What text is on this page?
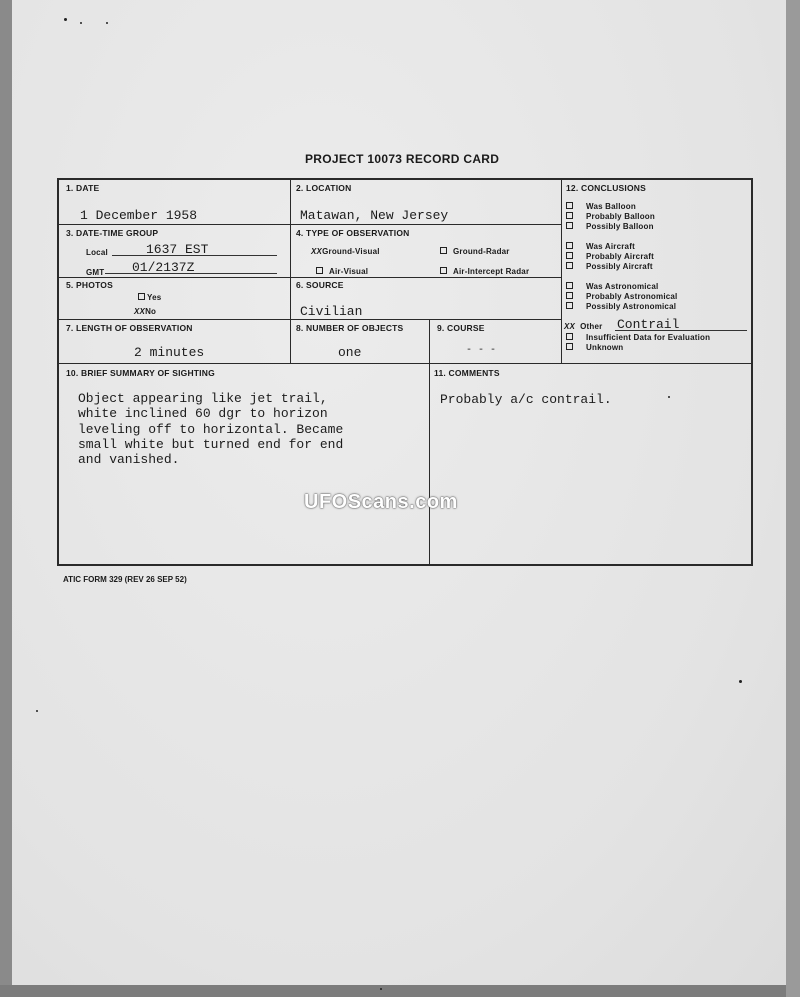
PROJECT 10073 RECORD CARD
1. DATE
1 December 1958
2. LOCATION
Matawan, New Jersey
3. DATE-TIME GROUP
Local	1637 EST
GMT 01/2137Z
4. TYPE OF OBSERVATION
XXGround-Visual	Ground-Radar
Air-Visual	Air-Intercept Radar
5. PHOTOS
Yes
XXNo
6. SOURCE
Civilian
7. LENGTH OF OBSERVATION
2 minutes
8. NUMBER OF OBJECTS
one
9. COURSE
- - -
10. BRIEF SUMMARY OF SIGHTING
Object appearing like jet trail,
white inclined 60 dgr to horizon
leveling off to horizontal. Became
small white but turned end for end
and vanished.
11. COMMENTS
Probably a/c contrail.
12. CONCLUSIONS
Was Balloon
Probably Balloon
Possibly Balloon
Was Aircraft
Probably Aircraft
Possibly Aircraft
Was Astronomical
Probably Astronomical
Possibly Astronomical
XX Other Contrail
Insufficient Data for Evaluation
Unknown
UFOScans.com
ATIC FORM 329 (REV 26 SEP 52)
